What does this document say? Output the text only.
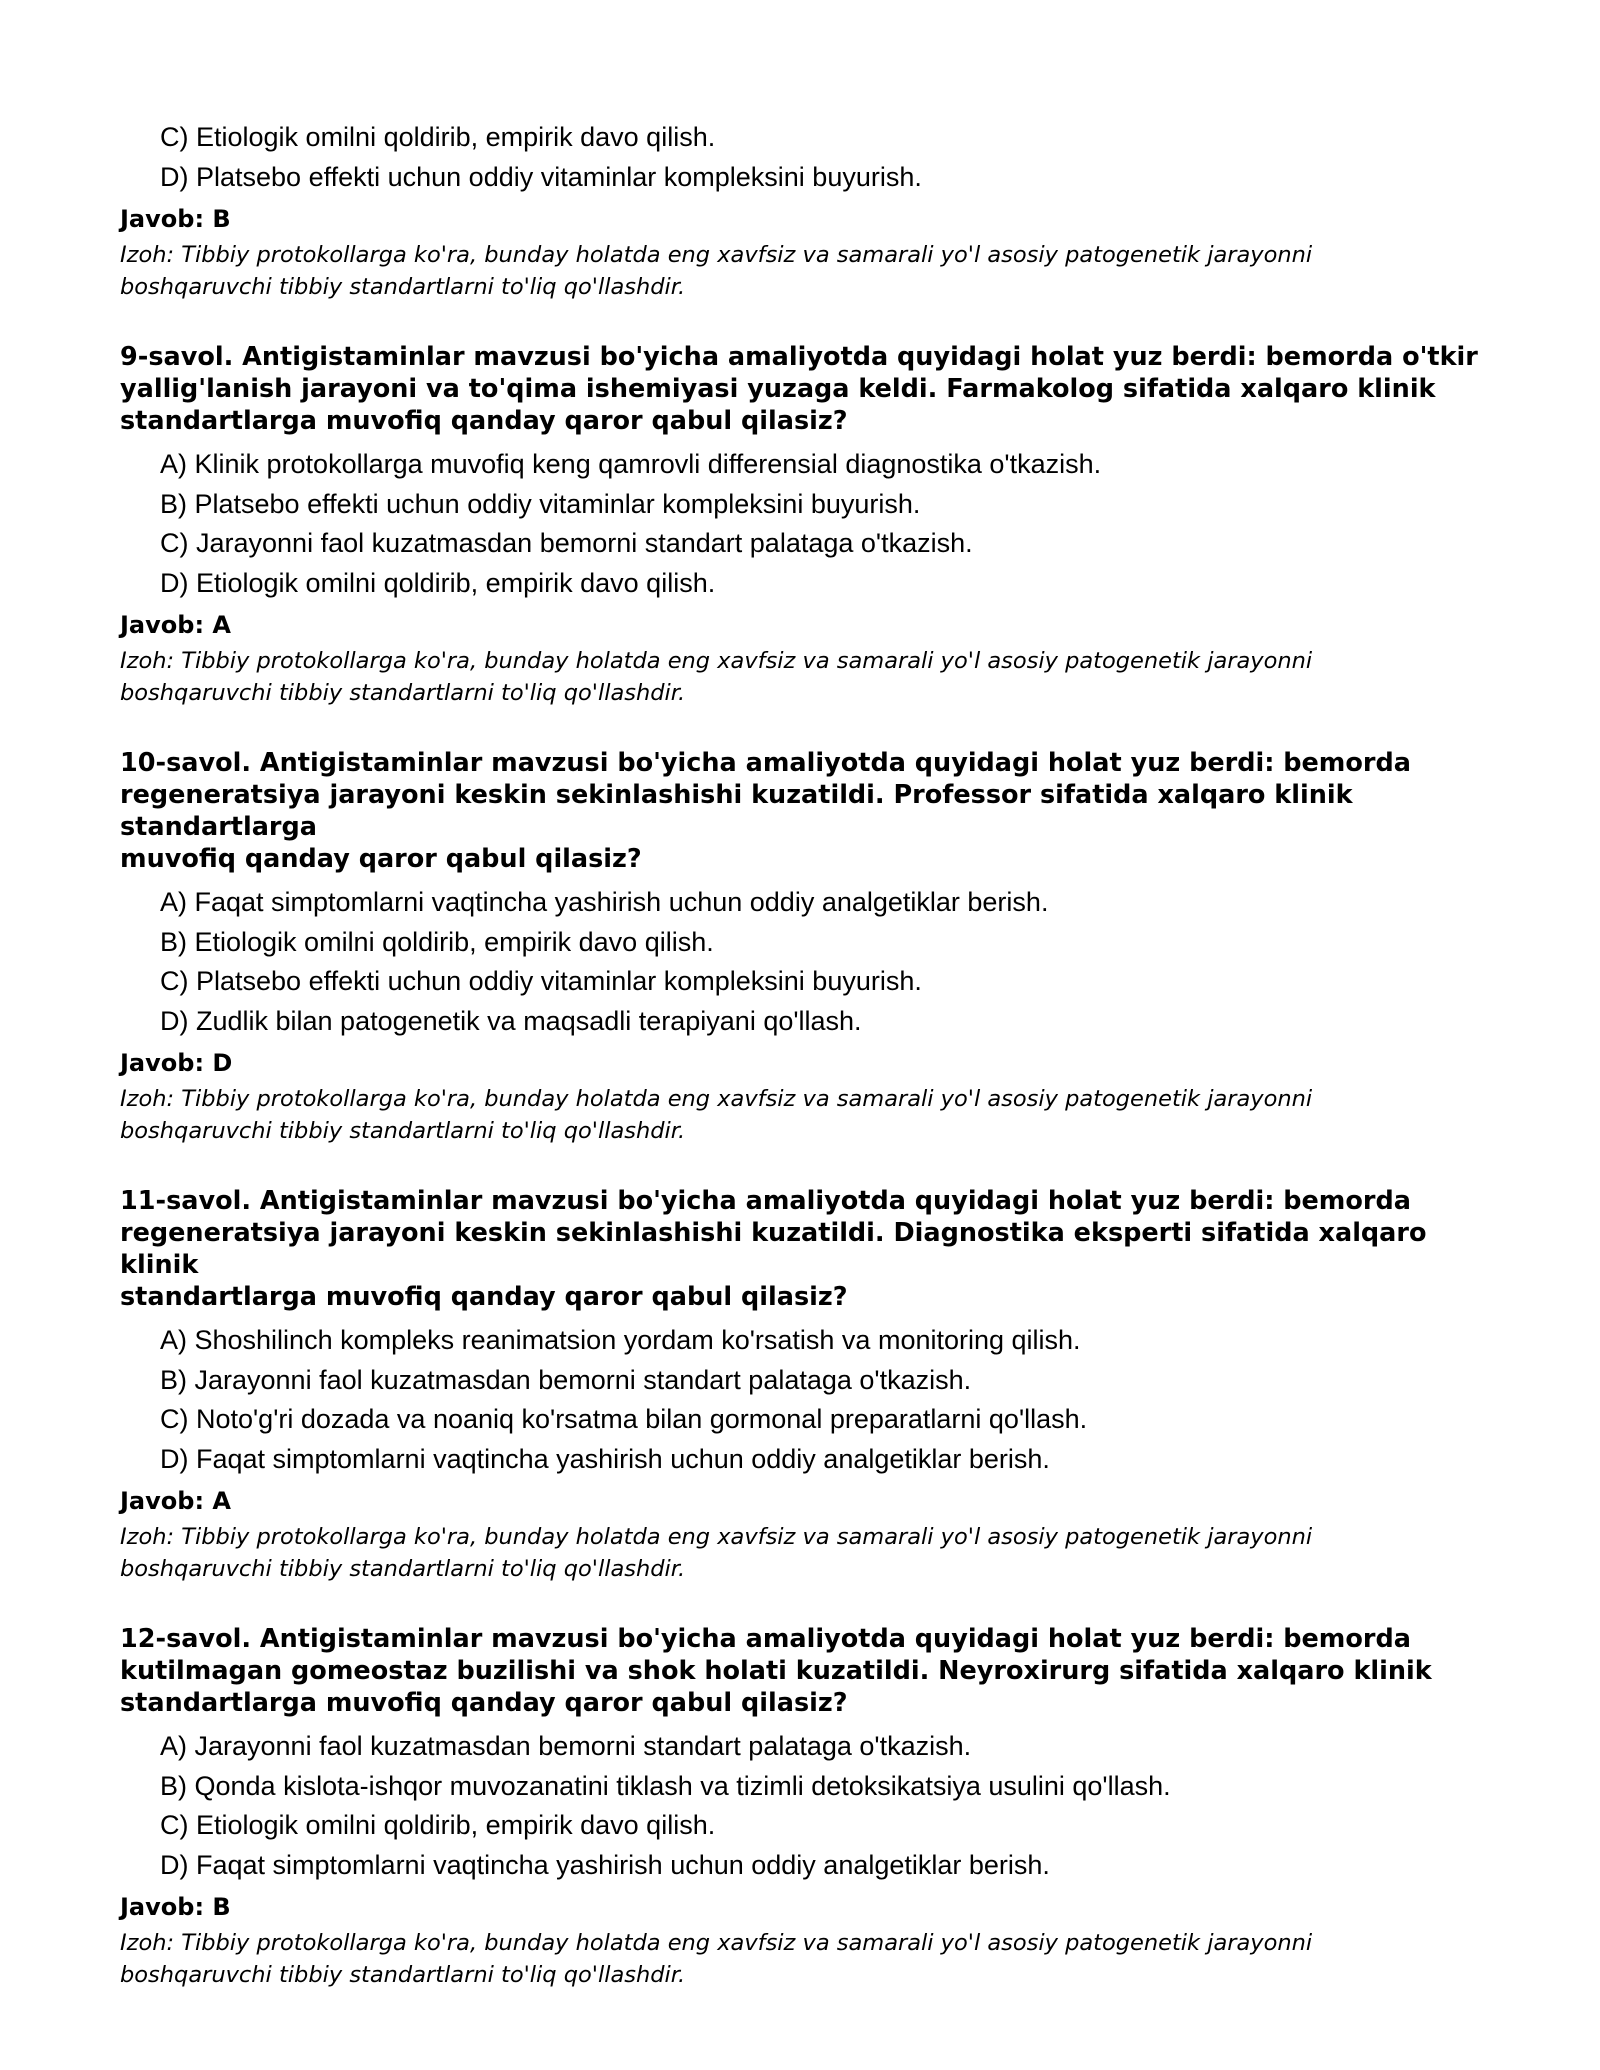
C) Etiologik omilni qoldirib, empirik davo qilish.
D) Platsebo effekti uchun oddiy vitaminlar kompleksini buyurish.
Javob: B
Izoh: Tibbiy protokollarga ko'ra, bunday holatda eng xavfsiz va samarali yo'l asosiy patogenetik jarayonni
boshqaruvchi tibbiy standartlarni to'liq qo'llashdir.
9-savol. Antigistaminlar mavzusi bo'yicha amaliyotda quyidagi holat yuz berdi: bemorda o'tkir
yallig'lanish jarayoni va to'qima ishemiyasi yuzaga keldi. Farmakolog sifatida xalqaro klinik
standartlarga muvofiq qanday qaror qabul qilasiz?
A) Klinik protokollarga muvofiq keng qamrovli differensial diagnostika o'tkazish.
B) Platsebo effekti uchun oddiy vitaminlar kompleksini buyurish.
C) Jarayonni faol kuzatmasdan bemorni standart palataga o'tkazish.
D) Etiologik omilni qoldirib, empirik davo qilish.
Javob: A
Izoh: Tibbiy protokollarga ko'ra, bunday holatda eng xavfsiz va samarali yo'l asosiy patogenetik jarayonni
boshqaruvchi tibbiy standartlarni to'liq qo'llashdir.
10-savol. Antigistaminlar mavzusi bo'yicha amaliyotda quyidagi holat yuz berdi: bemorda
regeneratsiya jarayoni keskin sekinlashishi kuzatildi. Professor sifatida xalqaro klinik standartlarga
muvofiq qanday qaror qabul qilasiz?
A) Faqat simptomlarni vaqtincha yashirish uchun oddiy analgetiklar berish.
B) Etiologik omilni qoldirib, empirik davo qilish.
C) Platsebo effekti uchun oddiy vitaminlar kompleksini buyurish.
D) Zudlik bilan patogenetik va maqsadli terapiyani qo'llash.
Javob: D
Izoh: Tibbiy protokollarga ko'ra, bunday holatda eng xavfsiz va samarali yo'l asosiy patogenetik jarayonni
boshqaruvchi tibbiy standartlarni to'liq qo'llashdir.
11-savol. Antigistaminlar mavzusi bo'yicha amaliyotda quyidagi holat yuz berdi: bemorda
regeneratsiya jarayoni keskin sekinlashishi kuzatildi. Diagnostika eksperti sifatida xalqaro klinik
standartlarga muvofiq qanday qaror qabul qilasiz?
A) Shoshilinch kompleks reanimatsion yordam ko'rsatish va monitoring qilish.
B) Jarayonni faol kuzatmasdan bemorni standart palataga o'tkazish.
C) Noto'g'ri dozada va noaniq ko'rsatma bilan gormonal preparatlarni qo'llash.
D) Faqat simptomlarni vaqtincha yashirish uchun oddiy analgetiklar berish.
Javob: A
Izoh: Tibbiy protokollarga ko'ra, bunday holatda eng xavfsiz va samarali yo'l asosiy patogenetik jarayonni
boshqaruvchi tibbiy standartlarni to'liq qo'llashdir.
12-savol. Antigistaminlar mavzusi bo'yicha amaliyotda quyidagi holat yuz berdi: bemorda
kutilmagan gomeostaz buzilishi va shok holati kuzatildi. Neyroxirurg sifatida xalqaro klinik
standartlarga muvofiq qanday qaror qabul qilasiz?
A) Jarayonni faol kuzatmasdan bemorni standart palataga o'tkazish.
B) Qonda kislota-ishqor muvozanatini tiklash va tizimli detoksikatsiya usulini qo'llash.
C) Etiologik omilni qoldirib, empirik davo qilish.
D) Faqat simptomlarni vaqtincha yashirish uchun oddiy analgetiklar berish.
Javob: B
Izoh: Tibbiy protokollarga ko'ra, bunday holatda eng xavfsiz va samarali yo'l asosiy patogenetik jarayonni
boshqaruvchi tibbiy standartlarni to'liq qo'llashdir.
